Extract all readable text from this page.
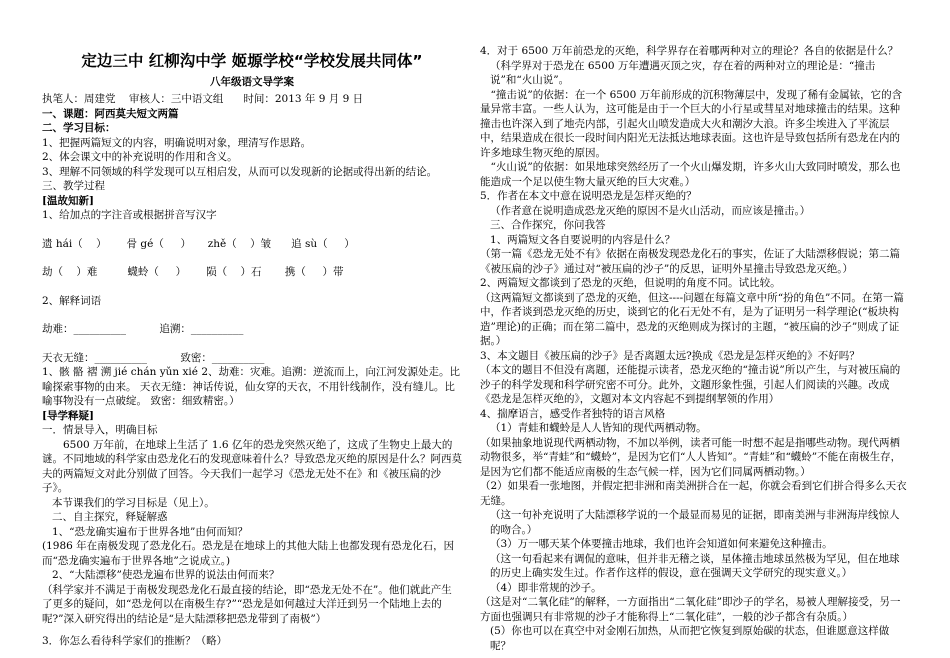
定边三中 红柳沟中学 姬塬学校“学校发展共同体”
八年级语文导学案

执笔人：周建党    审核人：三中语文组      时间：2013 年 9 月 9 日

一、课题：阿西莫夫短文两篇

二、学习目标：

1、把握两篇短文的内容，明确说明对象，理清写作思路。

2、体会课文中的补充说明的作用和含义。

3、理解不同领域的科学发现可以互相启发，从而可以发现新的论据或得出新的结论。

三、教学过程

[温故知新]

1、给加点的字注音或根据拼音写汉字

遗 hái（    ）      骨 gé（     ）     zhě（    ）皱      追 sù（     ）

劫（    ）难         蠛蛉（     ）      陨（    ）石       携（     ）带

2、解释词语

劫难：__________          追溯：__________

天衣无缝：__________          致密：__________

1、骸 骼 褶 溯 jié chán yǔn xié 2、劫难：灾难。追溯：逆流而上，向江河发源处走。比喻探索事物的由来。 天衣无缝：神话传说，仙女穿的天衣，不用针线制作，没有缝儿。比喻事物没有一点破绽。 致密：细致精密。）

[导学释疑]

一．情景导入，明确目标

6500 万年前，在地球上生活了 1.6 亿年的恐龙突然灭绝了，这成了生物史上最大的谜。不同地域的科学家由恐龙化石的发现意味着什么？导致恐龙灭绝的原因是什么？阿西莫夫的两篇短文对此分别做了回答。今天我们一起学习《恐龙无处不在》和《被压扁的沙子》。

本节课我们的学习目标是（见上）。

二、自主探究，释疑解惑

1、“恐龙确实遍布于世界各地”由何而知？

(1986 年在南极发现了恐龙化石。恐龙是在地球上的其他大陆上也都发现有恐龙化石，因而“恐龙确实遍布于世界各地”之说成立。)

2、“大陆漂移”使恐龙遍布世界的说法由何而来？

（科学家并不满足于南极发现恐龙化石最直接的结论，即“恐龙无处不在”。他们就此产生了更多的疑问，如“恐龙何以在南极生存?”“恐龙是如何越过大洋迁到另一个陆地上去的呢?”深入研究得出的结论是“是大陆漂移把恐龙带到了南极”）

3．你怎么看待科学家们的推断？（略）

4．对于 6500 万年前恐龙的灭绝，科学界存在着哪两种对立的理论？各自的依据是什么？

（科学界对于恐龙在 6500 万年遭遇灭顶之灾，存在着的两种对立的理论是：“撞击说”和“火山说”。

“撞击说”的依据：在一个 6500 万年前形成的沉积物薄层中，发现了稀有金属铱，它的含量异常丰富。一些人认为，这可能是由于一个巨大的小行星或彗星对地球撞击的结果。这种撞击也许深入到了地壳内部，引起火山喷发造成大火和潮汐大浪。许多尘埃进入了平流层中，结果造成在很长一段时间内阳光无法抵达地球表面。这也许是导致包括所有恐龙在内的许多地球生物灭绝的原因。

“火山说”的依据：如果地球突然经历了一个火山爆发期，许多火山大致同时喷发，那么也能造成一个足以使生物大量灭绝的巨大灾难。）

5．作者在本文中意在说明恐龙是怎样灭绝的？

（作者意在说明造成恐龙灭绝的原因不是火山活动，而应该是撞击。）

三、合作探究，你问我答

1、两篇短文各自要说明的内容是什么？

（第一篇《恐龙无处不有》依据在南极发现恐龙化石的事实，佐证了大陆漂移假说；第二篇《被压扁的沙子》通过对“被压扁的沙子”的反思，证明外星撞击导致恐龙灭绝。）

2、两篇短文都谈到了恐龙的灭绝，但说明的角度不同。试比较。

（这两篇短文都谈到了恐龙的灭绝，但这----问题在每篇文章中所“扮的角色”不同。在第一篇中，作者谈到恐龙灭绝的历史，谈到它的化石无处不有，是为了证明另一科学理论(“板块构造”理论)的正确；而在第二篇中，恐龙的灭绝则成为探讨的主题，“被压扁的沙子”则成了证据。）

3、本文题目《被压扁的沙子》是否离题太远?换成《恐龙是怎样灭绝的》不好吗？

（本文的题目不但没有离题，还能提示读者，恐龙灭绝的“撞击说”所以产生，与对被压扁的沙子的科学发现和科学研究密不可分。此外，文题形象性强，引起人们阅读的兴趣。改成《恐龙是怎样灭绝的》，文题对本文内容起不到提纲挈领的作用）

4、揣摩语言，感受作者独特的语言风格

（1）青蛙和蠛蛉是人人皆知的现代两栖动物。

（如果抽象地说现代两栖动物，不加以举例，读者可能一时想不起是指哪些动物。现代两栖动物很多，举“青蛙”和“蠛蛉”，是因为它们“人人皆知”。“青蛙”和“蠛蛉”不能在南极生存，是因为它们都不能适应南极的生态气候一样，因为它们同属两栖动物。）

（2）如果看一张地图，并假定把非洲和南美洲拼合在一起，你就会看到它们拼合得多么天衣无缝。

（这一句补充说明了大陆漂移学说的一个最显而易见的证据，即南美洲与非洲海岸线惊人的吻合。）

（3）万一哪天某个体要撞击地球，我们也许会知道如何来避免这种撞击。

（这一句看起来有调侃的意味，但并非无稽之谈，星体撞击地球虽然极为罕见，但在地球的历史上确实发生过。作者作这样的假设，意在强调天文学研究的现实意义。）

（4）即非常规的沙子。

（这是对“二氧化硅”的解释，一方面指出“二氧化硅”即沙子的学名，易被人理解接受，另一方面也强调只有非常规的沙子才能称得上“二氧化硅”，一般的沙子都含有杂质。）

(5）你也可以在真空中对金刚石加热，从而把它恢复到原始碳的状态，但谁愿意这样做呢？
